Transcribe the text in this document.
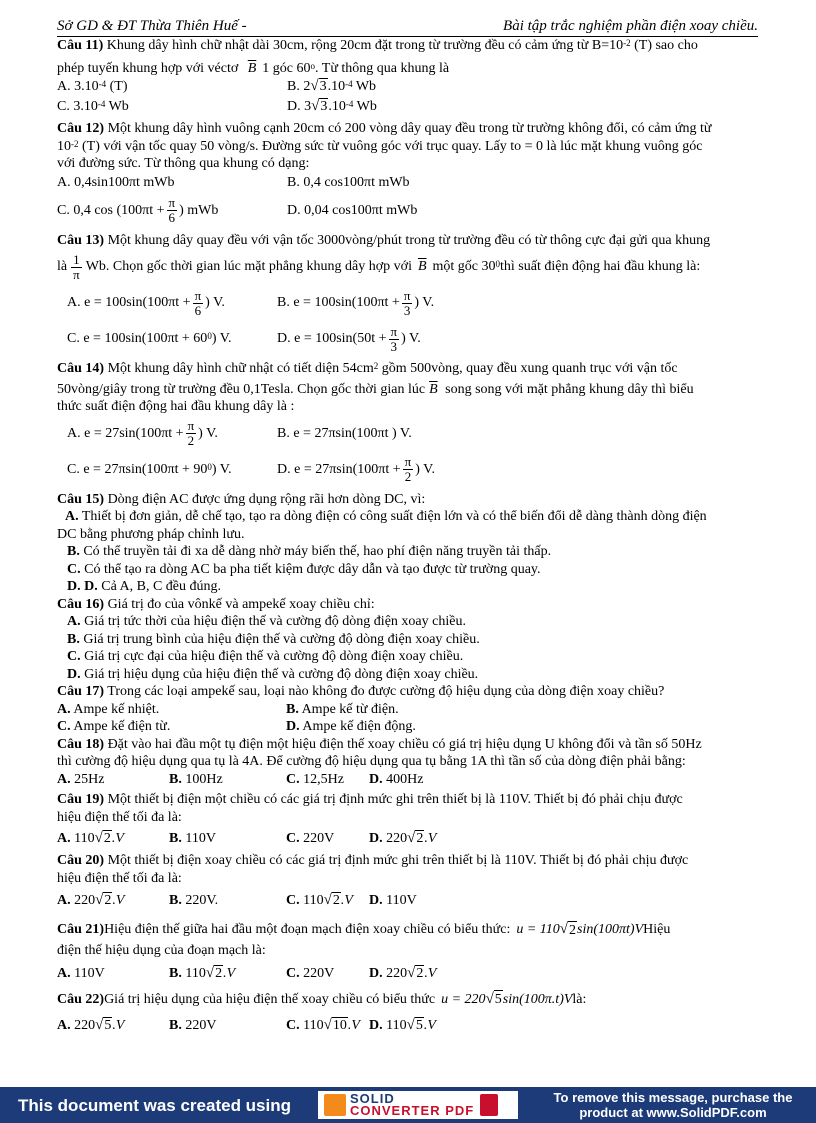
Sở GD & ĐT Thừa Thiên Huế -	Bài tập trắc nghiệm phần điện xoay chiều.

Câu 11) Khung dây hình chữ nhật dài 30cm, rộng 20cm đặt trong từ trường đều có cảm ứng từ $B=10^{-2}$ (T) sao cho

phép tuyến khung hợp với véctơ $\overline{B}$ 1 góc 60$^o$. Từ thông qua khung là

A. $3.10^{-4}$ (T)	B. $2√3.10^{-4}$ Wb
C. $3.10^{-4}$ Wb	D. $3√3.10^{-4}$ Wb

Câu 12) Một khung dây hình vuông cạnh 20cm có 200 vòng dây quay đều trong từ trường không đổi, có cảm ứng từ

$10^{-2}$ (T) với vận tốc quay 50 vòng/s. Đường sức từ vuông góc với trục quay. Lấy to = 0 là lúc mặt khung vuông góc

với đường sức. Từ thông qua khung có dạng:

A. 0,4sin100πt mWb	B. 0,4 cos100πt mWb
C. 0,4 $\cos (100\pi t + \frac{\pi}{6}$ ) mWb	D. 0,04 cos100πt mWb

Câu 13) Một khung dây quay đều với vận tốc 3000vòng/phút trong từ trường đều có từ thông cực đại gửi qua khung

là $\frac{1}{\pi} Wb$. Chọn gốc thời gian lúc mặt phẳng khung dây hợp với $\overline{B}$ một gốc $30^0$ thì suất điện động hai đầu khung là:
A. $e = 100\sin(100\pi t + \frac{\pi}{6}$ ) V.	B. $e = 100\sin(100\pi t + \frac{\pi}{3}$ ) V.
C. $e = 100\sin(100\pi t + 60^0)$ V.	D. $e = 100\sin(50t + \frac{\pi}{3}$ ) V.

Câu 14) Một khung dây hình chữ nhật có tiết diện $54cm^2$ gồm 500vòng, quay đều xung quanh trục với vận tốc

50vòng/giây trong từ trường đều 0,1Tesla. Chọn gốc thời gian lúc $\overline{B}$ song song với mặt phẳng khung dây thì biểu

thức suất điện động hai đầu khung dây là :

A. $e = 27\sin(100\pi t + \frac{\pi}{2}$ ) V.	B. e = 27πsin(100πt ) V.
C. $e = 27\pi\sin(100\pi t + 90^0)$ V.	D. $e = 27\pi\sin(100\pi t + \frac{\pi}{2}$ ) V.

Câu 15) Dòng điện AC được ứng dụng rộng rãi hơn dòng DC, vì:

A. Thiết bị đơn giản, dễ chế tạo, tạo ra dòng điện có công suất điện lớn và có thể biến đổi dễ dàng thành dòng điện

DC bằng phương pháp chỉnh lưu.

B. Có thể truyền tải đi xa dễ dàng nhờ máy biến thế, hao phí điện năng truyền tải thấp.

C. Có thể tạo ra dòng AC ba pha tiết kiệm được dây dẫn và tạo được từ trường quay.

D. D. Cả A, B, C đều đúng.

Câu 16) Giá trị đo của vônkế và ampekế xoay chiều chỉ:

A. Giá trị tức thời của hiệu điện thế và cường độ dòng điện xoay chiều.

B. Giá trị trung bình của hiệu điện thế và cường độ dòng điện xoay chiều.

C. Giá trị cực đại của hiệu điện thế và cường độ dòng điện xoay chiều.

D. Giá trị hiệu dụng của hiệu điện thế và cường độ dòng điện xoay chiều.

Câu 17) Trong các loại ampekế sau, loại nào không đo được cường độ hiệu dụng của dòng điện xoay chiều?

A. Ampe kế nhiệt.	B. Ampe kế từ điện.
C. Ampe kế điện từ.	D. Ampe kế điện động.

Câu 18) Đặt vào hai đầu một tụ điện một hiệu điện thế xoay chiều có giá trị hiệu dụng U không đổi và tần số 50Hz

thì cường độ hiệu dụng qua tụ là 4A. Để cường độ hiệu dụng qua tụ bằng 1A thì tần số của dòng điện phải bằng:

A. 25Hz	B. 100Hz	C. 12,5Hz	D. 400Hz

Câu 19) Một thiết bị điện một chiều có các giá trị định mức ghi trên thiết bị là 110V. Thiết bị đó phải chịu được

hiệu điện thế tối đa là:

A. 110√2.V	B. 110V	C. 220V	D. 220√2.V

Câu 20) Một thiết bị điện xoay chiều có các giá trị định mức ghi trên thiết bị là 110V. Thiết bị đó phải chịu được

hiệu điện thế tối đa là:

A. 220√2.V	B. 220V.	C. 110√2.V	D. 110V
Câu 21) Hiệu điện thế giữa hai đầu một đoạn mạch điện xoay chiều có biểu thức: u = 110 √ 2 sin(100πt)V Hiệu

điện thế hiệu dụng của đoạn mạch là:

A. 110V	B. 110√2.V	C. 220V	D. 220√2.V
Câu 22) Giá trị hiệu dụng của hiệu điện thế xoay chiều có biểu thức u = 220 √ 5 sin(100π.t)V là:
A. 220√5.V	B. 220V	C. 110√10.V D. 110√5.V
This document was created using	SOLID
CONVERTER PDF
To remove this message, purchase the product at www.SolidPDF.com
